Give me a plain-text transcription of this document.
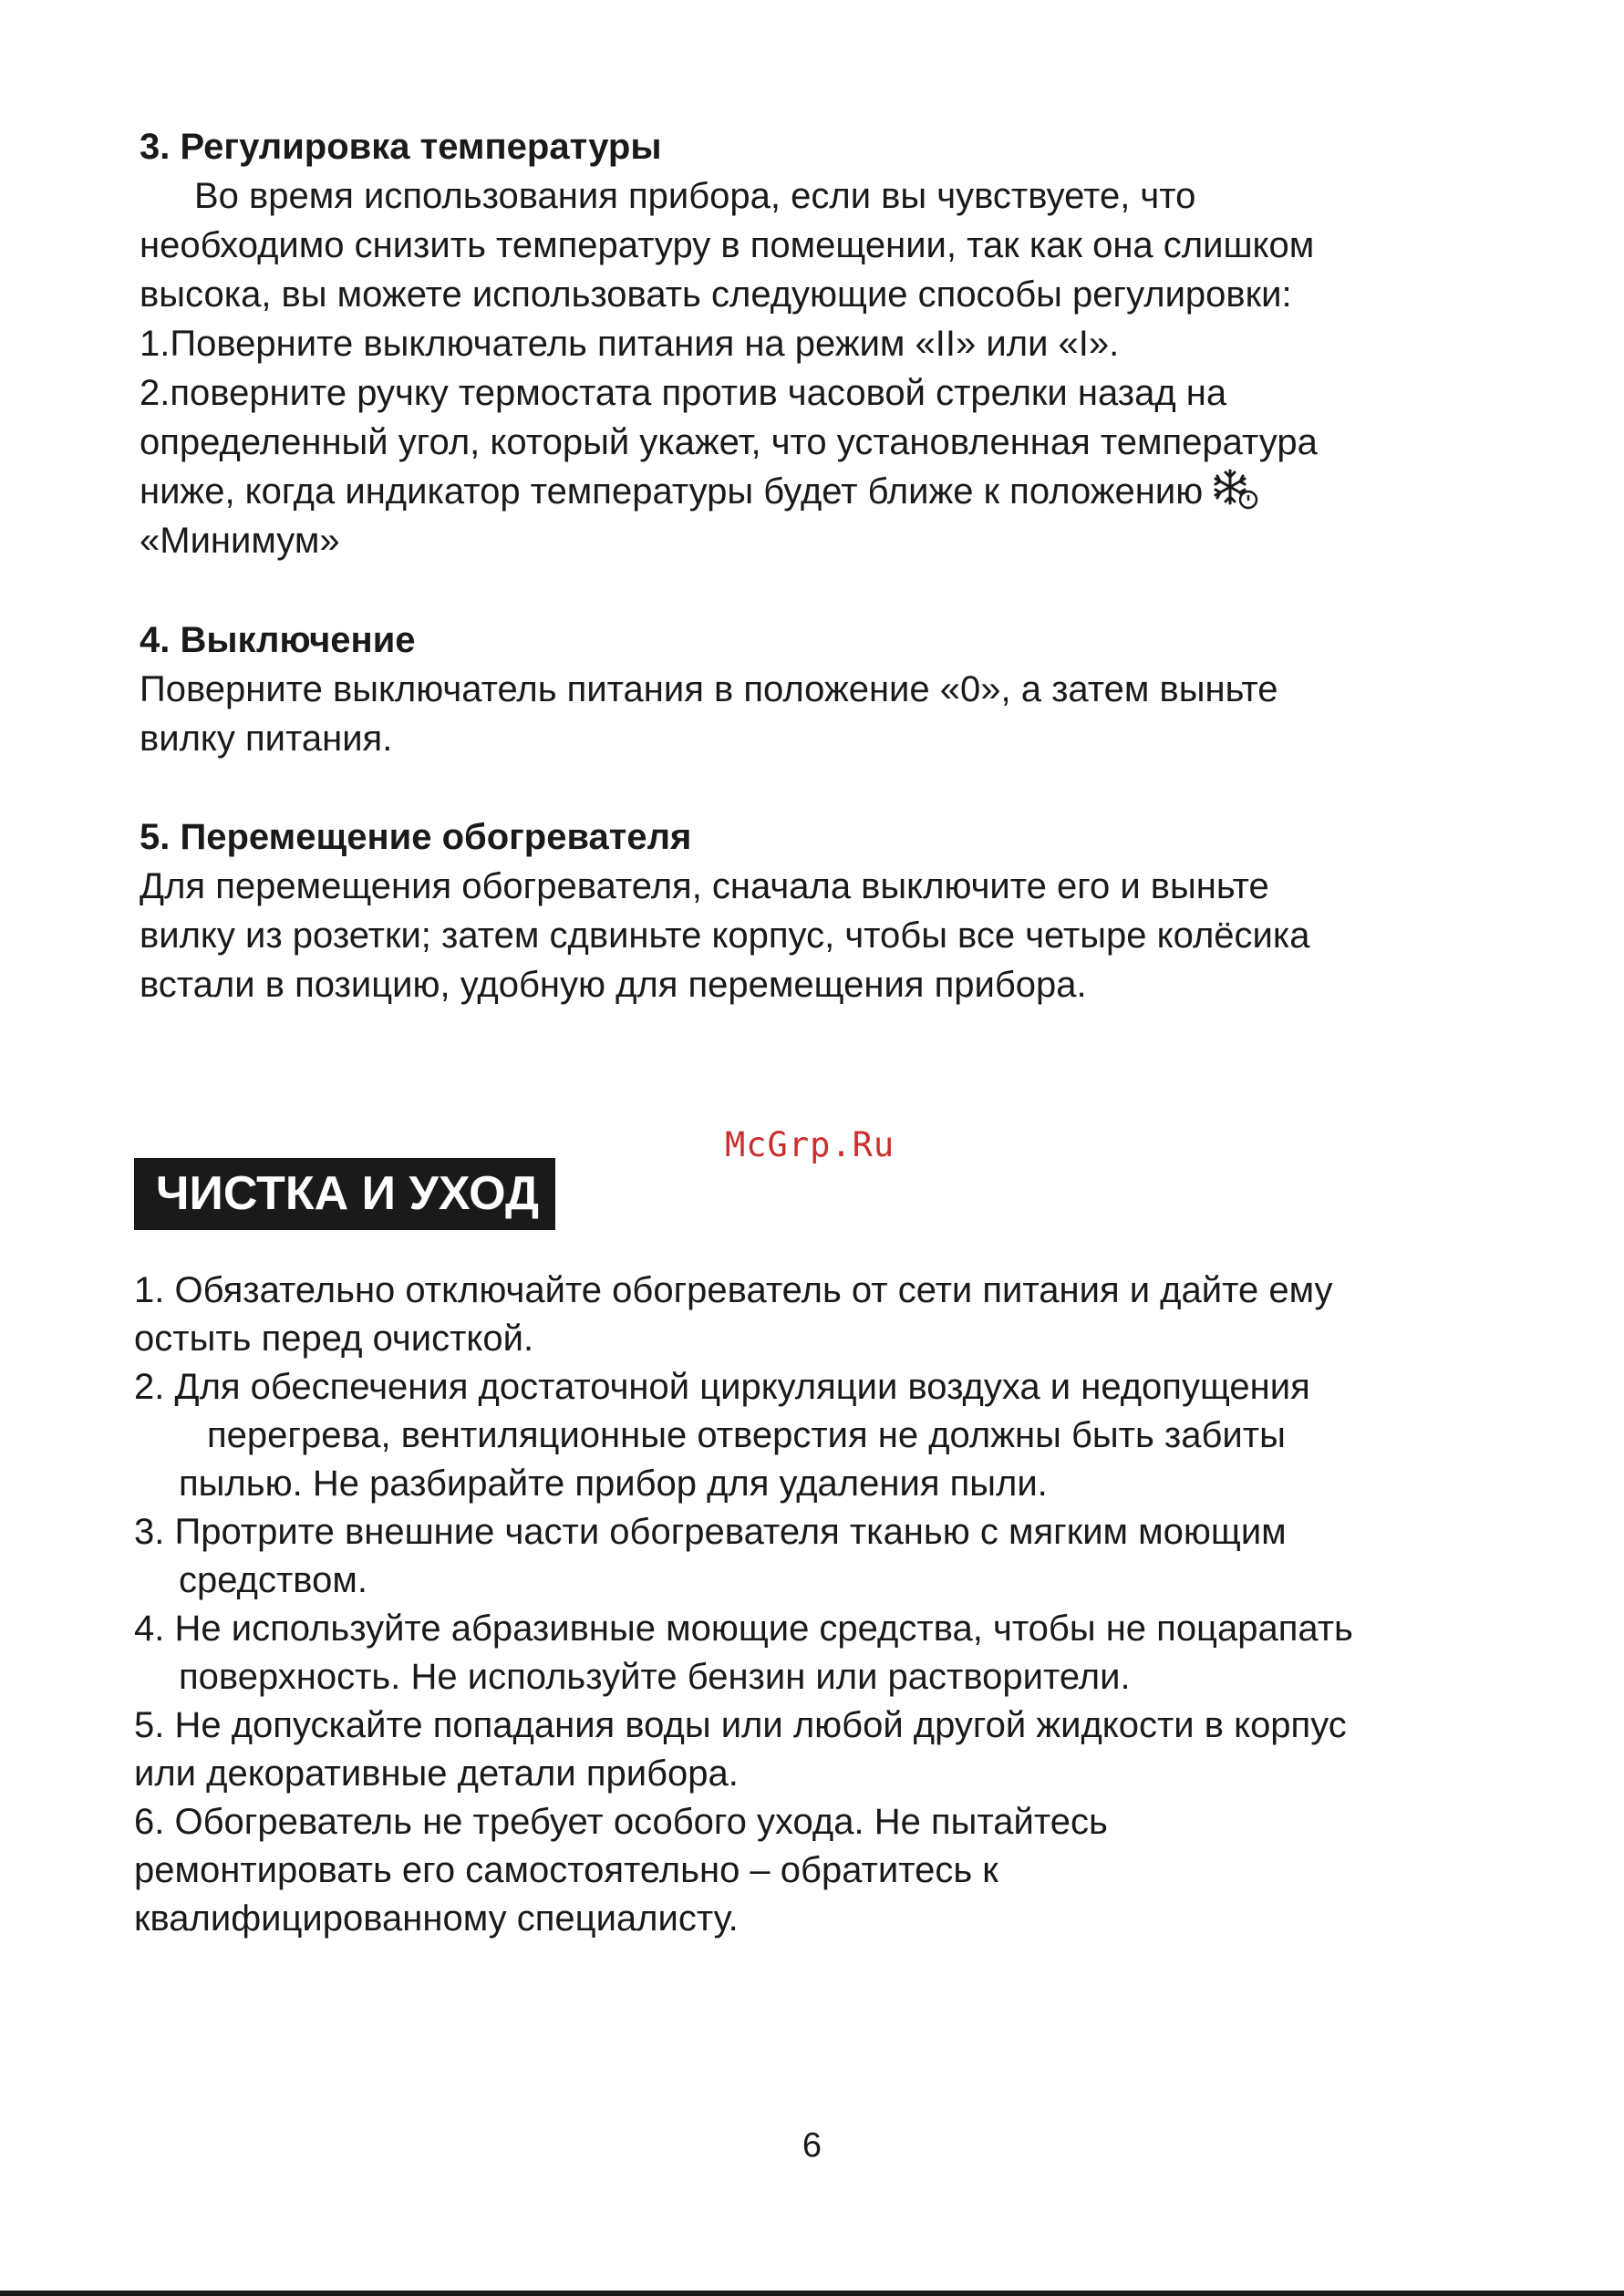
3. Регулировка температуры
Во время использования прибора, если вы чувствуете, что
необходимо снизить температуру в помещении, так как она слишком
высока, вы можете использовать следующие способы регулировки:
1.Поверните выключатель питания на режим «II» или «I».
2.поверните ручку термостата против часовой стрелки назад на
определенный угол, который укажет, что установленная температура
ниже, когда индикатор температуры будет ближе к положению
«Минимум»
4. Выключение
Поверните выключатель питания в положение «0», а затем выньте
вилку питания.
5. Перемещение обогревателя
Для перемещения обогревателя, сначала выключите его и выньте
вилку из розетки; затем сдвиньте корпус, чтобы все четыре колёсика
встали в позицию, удобную для перемещения прибора.
McGrp.Ru
ЧИСТКА И УХОД
1. Обязательно отключайте обогреватель от сети питания и дайте ему
остыть перед очисткой.
2. Для обеспечения достаточной циркуляции воздуха и недопущения
перегрева, вентиляционные отверстия не должны быть забиты
пылью. Не разбирайте прибор для удаления пыли.
3. Протрите внешние части обогревателя тканью с мягким моющим
средством.
4. Не используйте абразивные моющие средства, чтобы не поцарапать
поверхность. Не используйте бензин или растворители.
5. Не допускайте попадания воды или любой другой жидкости в корпус
или декоративные детали прибора.
6. Обогреватель не требует особого ухода. Не пытайтесь
ремонтировать его самостоятельно – обратитесь к
квалифицированному специалисту.
6
